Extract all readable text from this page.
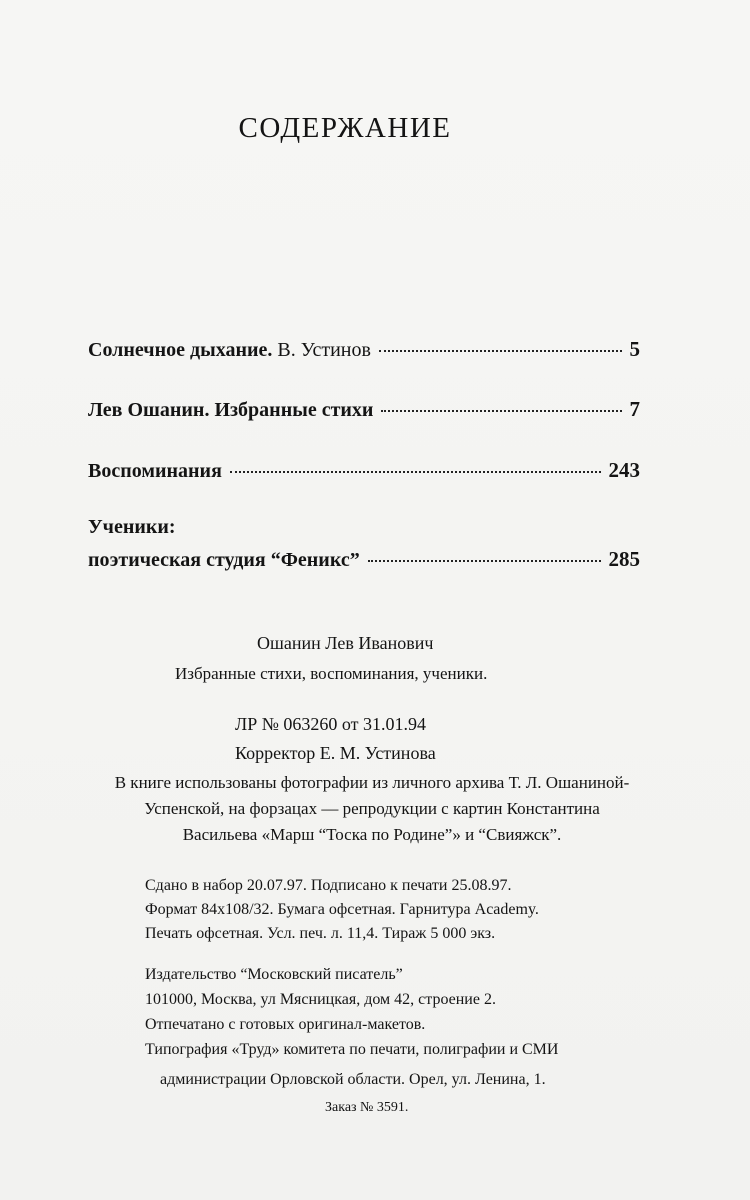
СОДЕРЖАНИЕ
Солнечное дыхание. В. Устинов	5
Лев Ошанин. Избранные стихи	7
Воспоминания	243
Ученики:
поэтическая студия “Феникс”	285
Ошанин Лев Иванович
Избранные стихи, воспоминания, ученики.
ЛР № 063260 от 31.01.94
Корректор Е. М. Устинова
В книге использованы фотографии из личного архива Т. Л. Ошаниной-
Успенской, на форзацах — репродукции с картин Константина
Васильева «Марш “Тоска по Родине”» и “Свияжск”.
Сдано в набор 20.07.97. Подписано к печати 25.08.97.
Формат 84x108/32. Бумага офсетная. Гарнитура Academy.
Печать офсетная. Усл. печ. л. 11,4. Тираж 5 000 экз.
Издательство “Московский писатель”
101000, Москва, ул Мясницкая, дом 42, строение 2.
Отпечатано с готовых оригинал-макетов.
Типография «Труд» комитета по печати, полиграфии и СМИ
администрации Орловской области. Орел, ул. Ленина, 1.
Заказ № 3591.
